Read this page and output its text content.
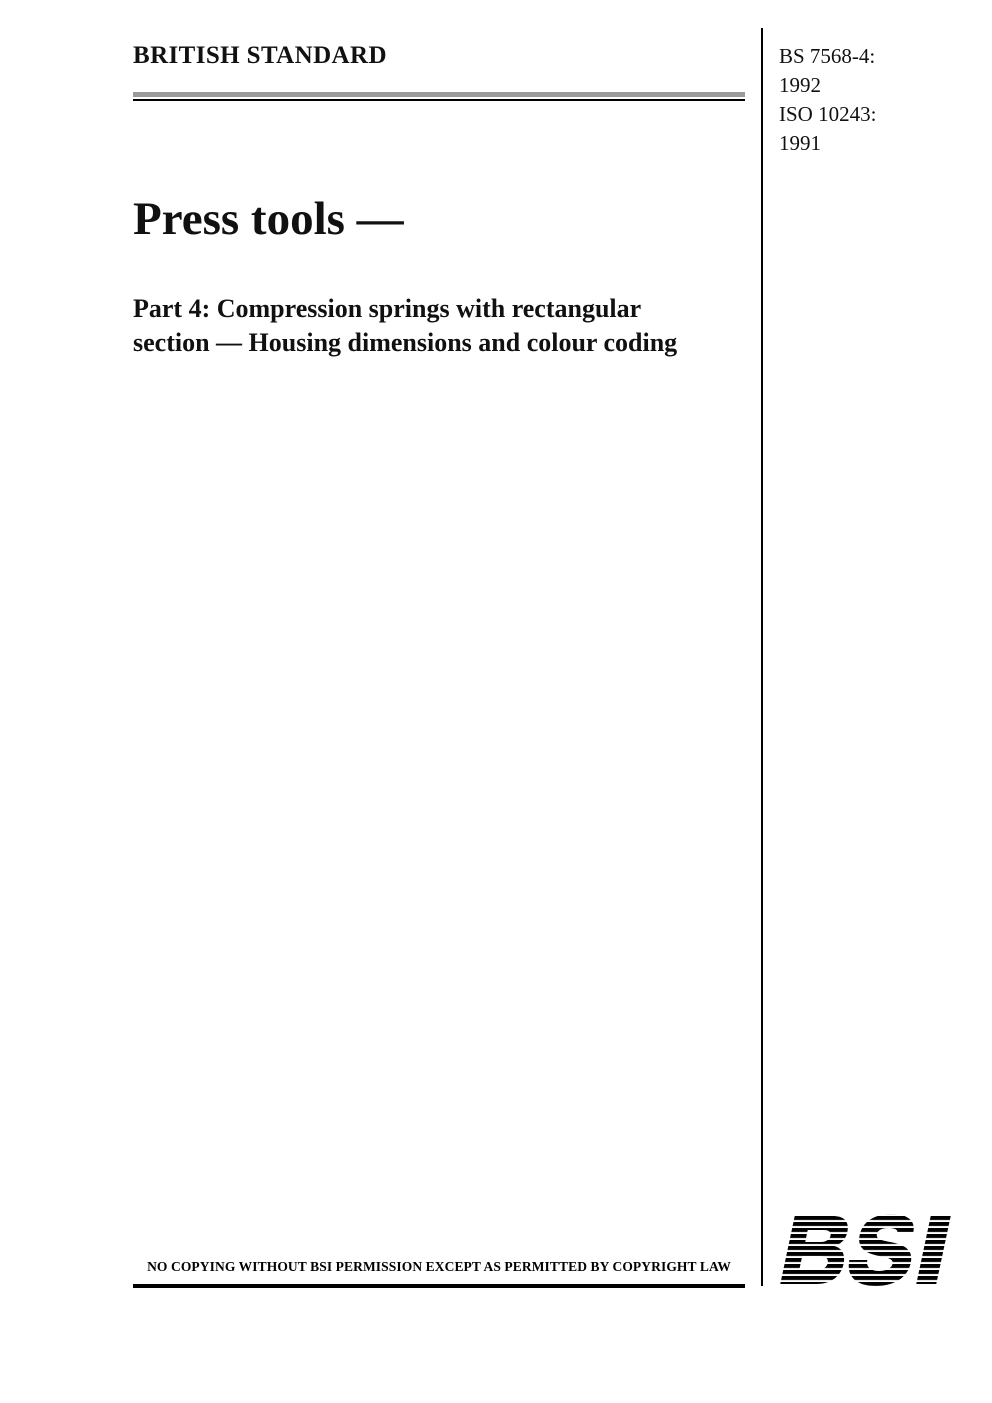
BRITISH STANDARD	BS 7568-4:
1992
ISO 10243:
1991
Press tools —
Part 4: Compression springs with rectangular section — Housing dimensions and colour coding
NO COPYING WITHOUT BSI PERMISSION EXCEPT AS PERMITTED BY COPYRIGHT LAW
